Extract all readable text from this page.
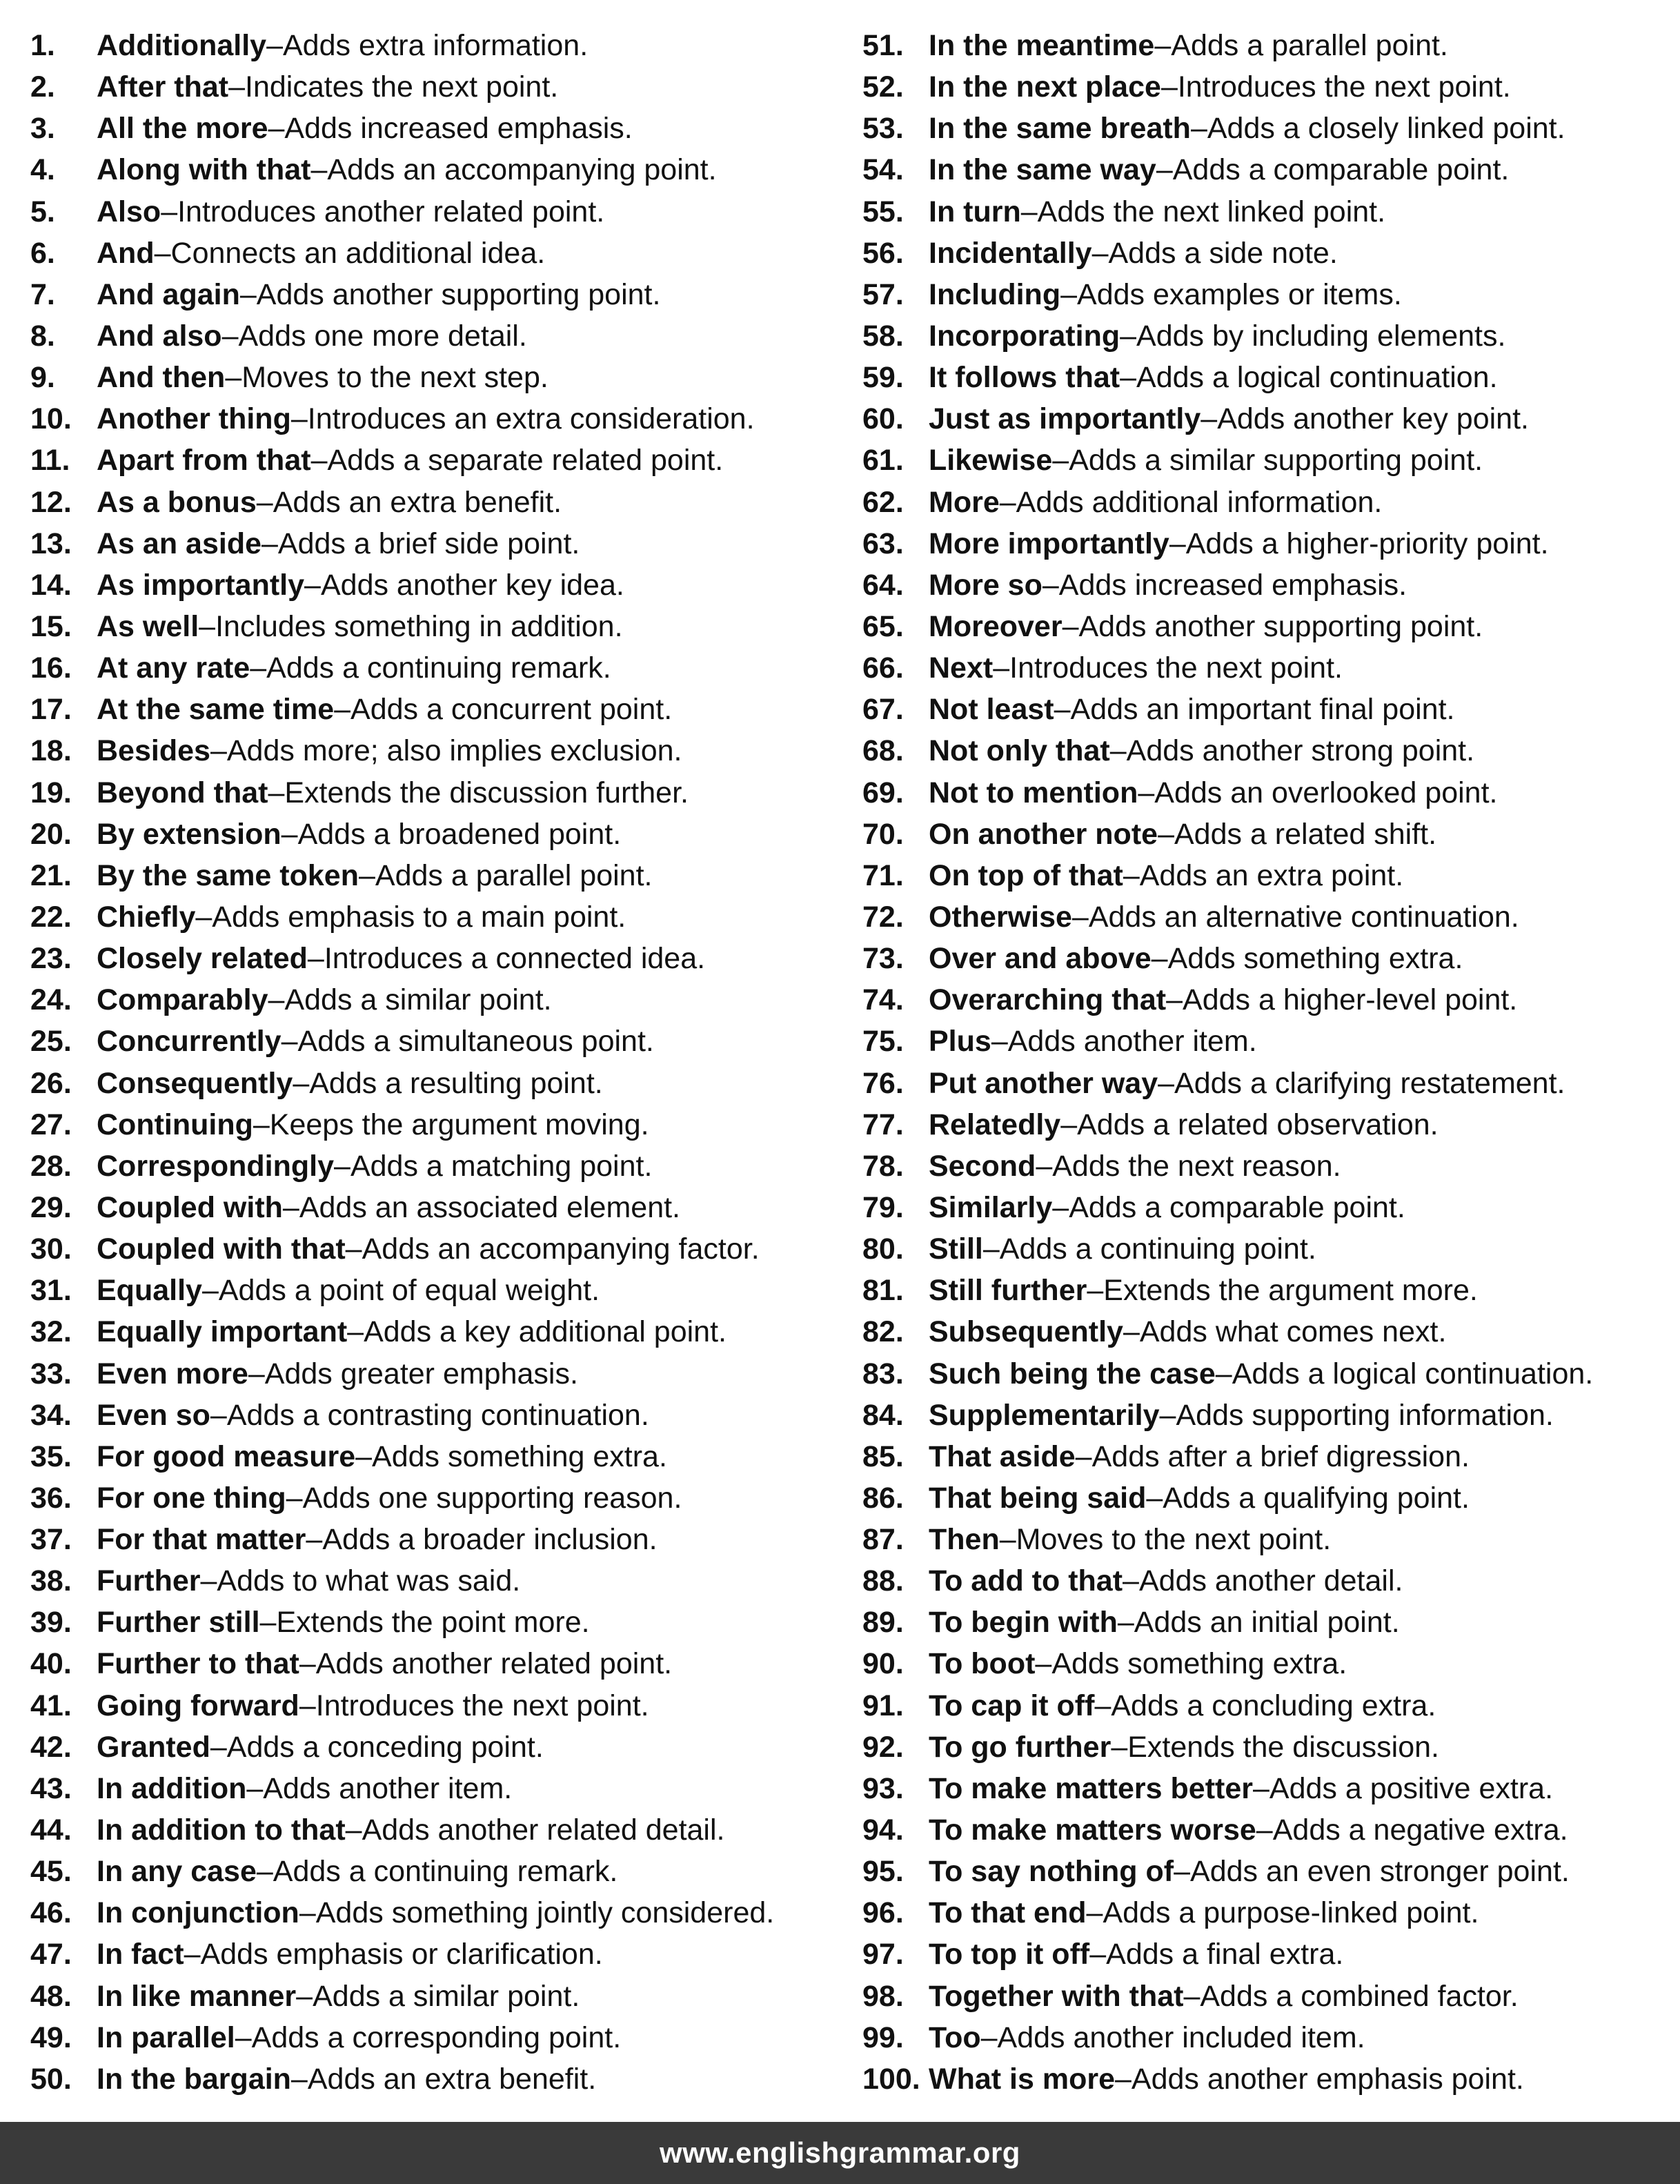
1.	Additionally – Adds extra information.
2.	After that – Indicates the next point.
3.	All the more – Adds increased emphasis.
4.	Along with that – Adds an accompanying point.
5.	Also – Introduces another related point.
6.	And – Connects an additional idea.
7.	And again – Adds another supporting point.
8.	And also – Adds one more detail.
9.	And then – Moves to the next step.
10. Another thing – Introduces an extra consideration.
11. Apart from that – Adds a separate related point.
12. As a bonus – Adds an extra benefit.
13. As an aside – Adds a brief side point.
14. As importantly – Adds another key idea.
15. As well – Includes something in addition.
16. At any rate – Adds a continuing remark.
17. At the same time – Adds a concurrent point.
18. Besides – Adds more; also implies exclusion.
19. Beyond that – Extends the discussion further.
20. By extension – Adds a broadened point.
21. By the same token – Adds a parallel point.
22. Chiefly – Adds emphasis to a main point.
23. Closely related – Introduces a connected idea.
24. Comparably – Adds a similar point.
25. Concurrently – Adds a simultaneous point.
26. Consequently – Adds a resulting point.
27. Continuing – Keeps the argument moving.
28. Correspondingly – Adds a matching point.
29. Coupled with – Adds an associated element.
30. Coupled with that – Adds an accompanying factor.
31. Equally – Adds a point of equal weight.
32. Equally important – Adds a key additional point.
33. Even more – Adds greater emphasis.
34. Even so – Adds a contrasting continuation.
35. For good measure – Adds something extra.
36. For one thing – Adds one supporting reason.
37. For that matter – Adds a broader inclusion.
38. Further – Adds to what was said.
39. Further still – Extends the point more.
40. Further to that – Adds another related point.
41. Going forward – Introduces the next point.
42. Granted – Adds a conceding point.
43. In addition – Adds another item.
44. In addition to that – Adds another related detail.
45. In any case – Adds a continuing remark.
46. In conjunction – Adds something jointly considered.
47. In fact – Adds emphasis or clarification.
48. In like manner – Adds a similar point.
49. In parallel – Adds a corresponding point.
50. In the bargain – Adds an extra benefit.
51. In the meantime – Adds a parallel point.
52. In the next place – Introduces the next point.
53. In the same breath – Adds a closely linked point.
54. In the same way – Adds a comparable point.
55. In turn – Adds the next linked point.
56. Incidentally – Adds a side note.
57. Including – Adds examples or items.
58. Incorporating – Adds by including elements.
59. It follows that – Adds a logical continuation.
60. Just as importantly – Adds another key point.
61. Likewise – Adds a similar supporting point.
62. More – Adds additional information.
63. More importantly – Adds a higher-priority point.
64. More so – Adds increased emphasis.
65. Moreover – Adds another supporting point.
66. Next – Introduces the next point.
67. Not least – Adds an important final point.
68. Not only that – Adds another strong point.
69. Not to mention – Adds an overlooked point.
70. On another note – Adds a related shift.
71. On top of that – Adds an extra point.
72. Otherwise – Adds an alternative continuation.
73. Over and above – Adds something extra.
74. Overarching that – Adds a higher-level point.
75. Plus – Adds another item.
76. Put another way – Adds a clarifying restatement.
77. Relatedly – Adds a related observation.
78. Second – Adds the next reason.
79. Similarly – Adds a comparable point.
80. Still – Adds a continuing point.
81. Still further – Extends the argument more.
82. Subsequently – Adds what comes next.
83. Such being the case – Adds a logical continuation.
84. Supplementarily – Adds supporting information.
85. That aside – Adds after a brief digression.
86. That being said – Adds a qualifying point.
87. Then – Moves to the next point.
88. To add to that – Adds another detail.
89. To begin with – Adds an initial point.
90. To boot – Adds something extra.
91. To cap it off – Adds a concluding extra.
92. To go further – Extends the discussion.
93. To make matters better – Adds a positive extra.
94. To make matters worse – Adds a negative extra.
95. To say nothing of – Adds an even stronger point.
96. To that end – Adds a purpose-linked point.
97. To top it off – Adds a final extra.
98. Together with that – Adds a combined factor.
99. Too – Adds another included item.
100. What is more – Adds another emphasis point.
www.englishgrammar.org
